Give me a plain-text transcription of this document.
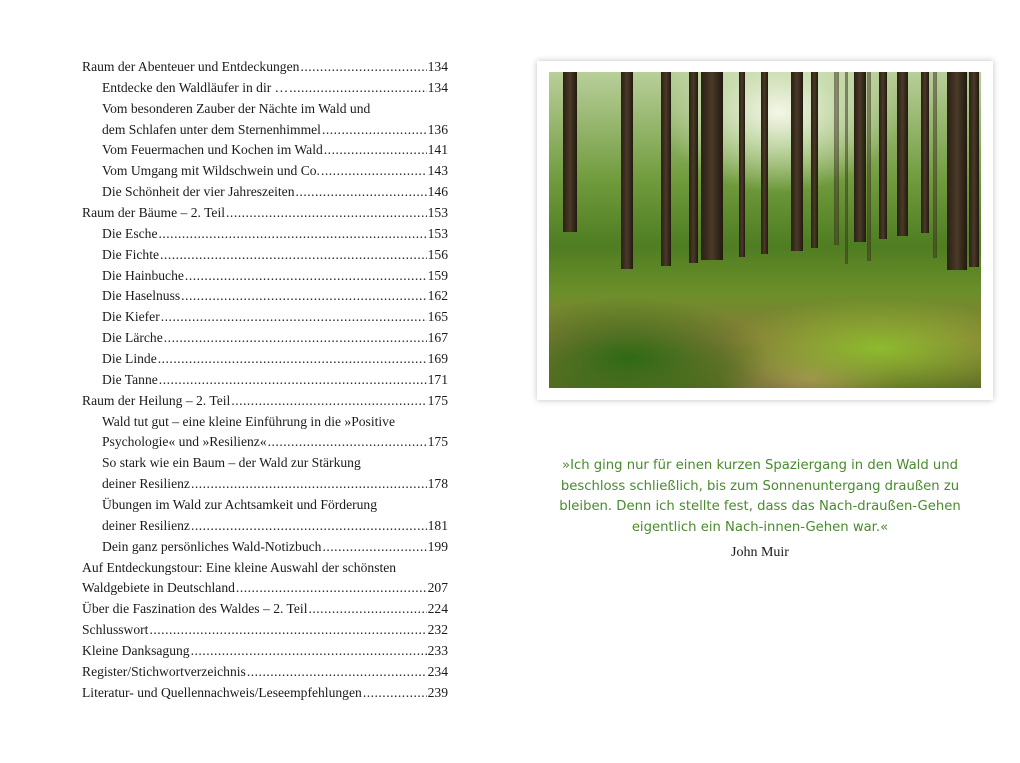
Raum der Abenteuer und Entdeckungen .....	134
Entdecke den Waldläufer in dir … .....	134
Vom besonderen Zauber der Nächte im Wald und
dem Schlafen unter dem Sternenhimmel .....	136
Vom Feuermachen und Kochen im Wald .....	141
Vom Umgang mit Wildschwein und Co. .....	143
Die Schönheit der vier Jahreszeiten .....	146
Raum der Bäume – 2. Teil .....	153
Die Esche .....	153
Die Fichte .....	156
Die Hainbuche .....	159
Die Haselnuss .....	162
Die Kiefer .....	165
Die Lärche .....	167
Die Linde .....	169
Die Tanne .....	171
Raum der Heilung – 2. Teil .....	175
Wald tut gut – eine kleine Einführung in die »Positive
Psychologie« und »Resilienz« .....	175
So stark wie ein Baum – der Wald zur Stärkung
deiner Resilienz .....	178
Übungen im Wald zur Achtsamkeit und Förderung
deiner Resilienz .....	181
Dein ganz persönliches Wald-Notizbuch .....	199
Auf Entdeckungstour: Eine kleine Auswahl der schönsten
Waldgebiete in Deutschland .....	207
Über die Faszination des Waldes – 2. Teil .....	224
Schlusswort .....	232
Kleine Danksagung .....	233
Register/Stichwortverzeichnis .....	234
Literatur- und Quellennachweis/Leseempfehlungen .....	239
»Ich ging nur für einen kurzen Spaziergang in den Wald und beschloss schließlich, bis zum Sonnenuntergang draußen zu bleiben. Denn ich stellte fest, dass das Nach-draußen-Gehen eigentlich ein Nach-innen-Gehen war.«
John Muir
